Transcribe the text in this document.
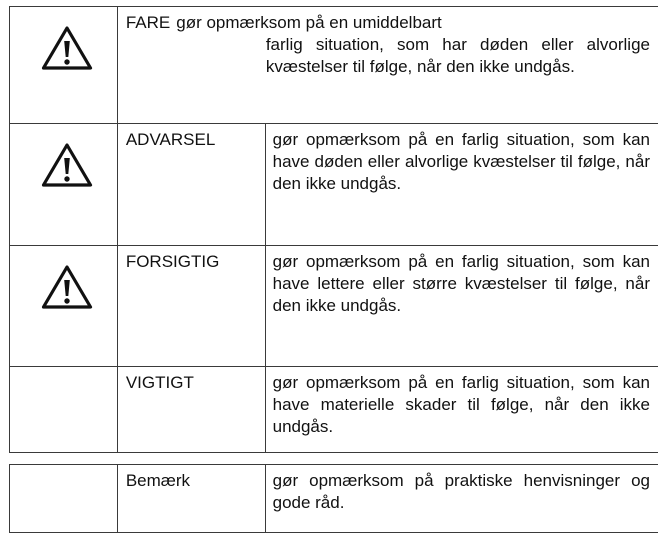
FARE gør opmærksom på en umiddelbart
farlig situation, som har døden eller alvorlige kvæstelser til følge, når den ikke undgås.
ADVARSEL	gør opmærksom på en farlig situation, som kan have døden eller alvorlige kvæstelser til følge, når den ikke undgås.
FORSIGTIG	gør opmærksom på en farlig situation, som kan have lettere eller større kvæstelser til følge, når den ikke undgås.
VIGTIGT	gør opmærksom på en farlig situation, som kan have materielle skader til følge, når den ikke undgås.
Bemærk	gør opmærksom på praktiske henvisninger og gode råd.
